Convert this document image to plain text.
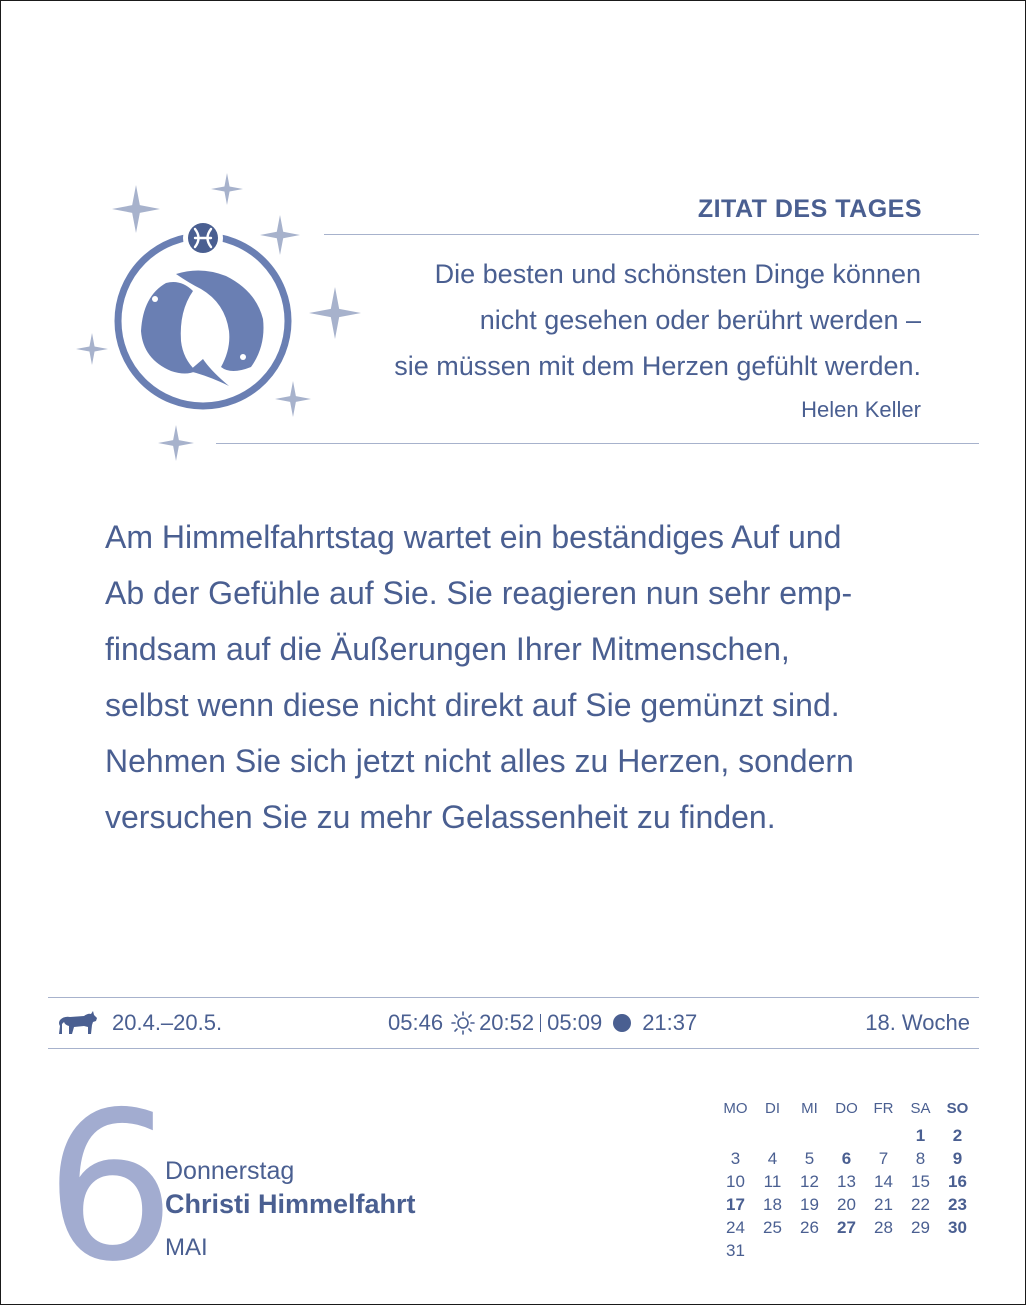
ZITAT DES TAGES
Die besten und schönsten Dinge können
nicht gesehen oder berührt werden –
sie müssen mit dem Herzen gefühlt werden.
Helen Keller
Am Himmelfahrtstag wartet ein beständiges Auf und
Ab der Gefühle auf Sie. Sie reagieren nun sehr emp-
findsam auf die Äußerungen Ihrer Mitmenschen,
selbst wenn diese nicht direkt auf Sie gemünzt sind.
Nehmen Sie sich jetzt nicht alles zu Herzen, sondern
versuchen Sie zu mehr Gelassenheit zu finden.
20.4.–20.5.	05:46 20:52 05:09 21:37	18. Woche
6
Donnerstag
Christi Himmelfahrt
MAI
MO	DI	MI	DO	FR	SA	SO

					1	2
3	4	5	6	7	8	9
10	11	12	13	14	15	16
17	18	19	20	21	22	23
24	25	26	27	28	29	30
31						
